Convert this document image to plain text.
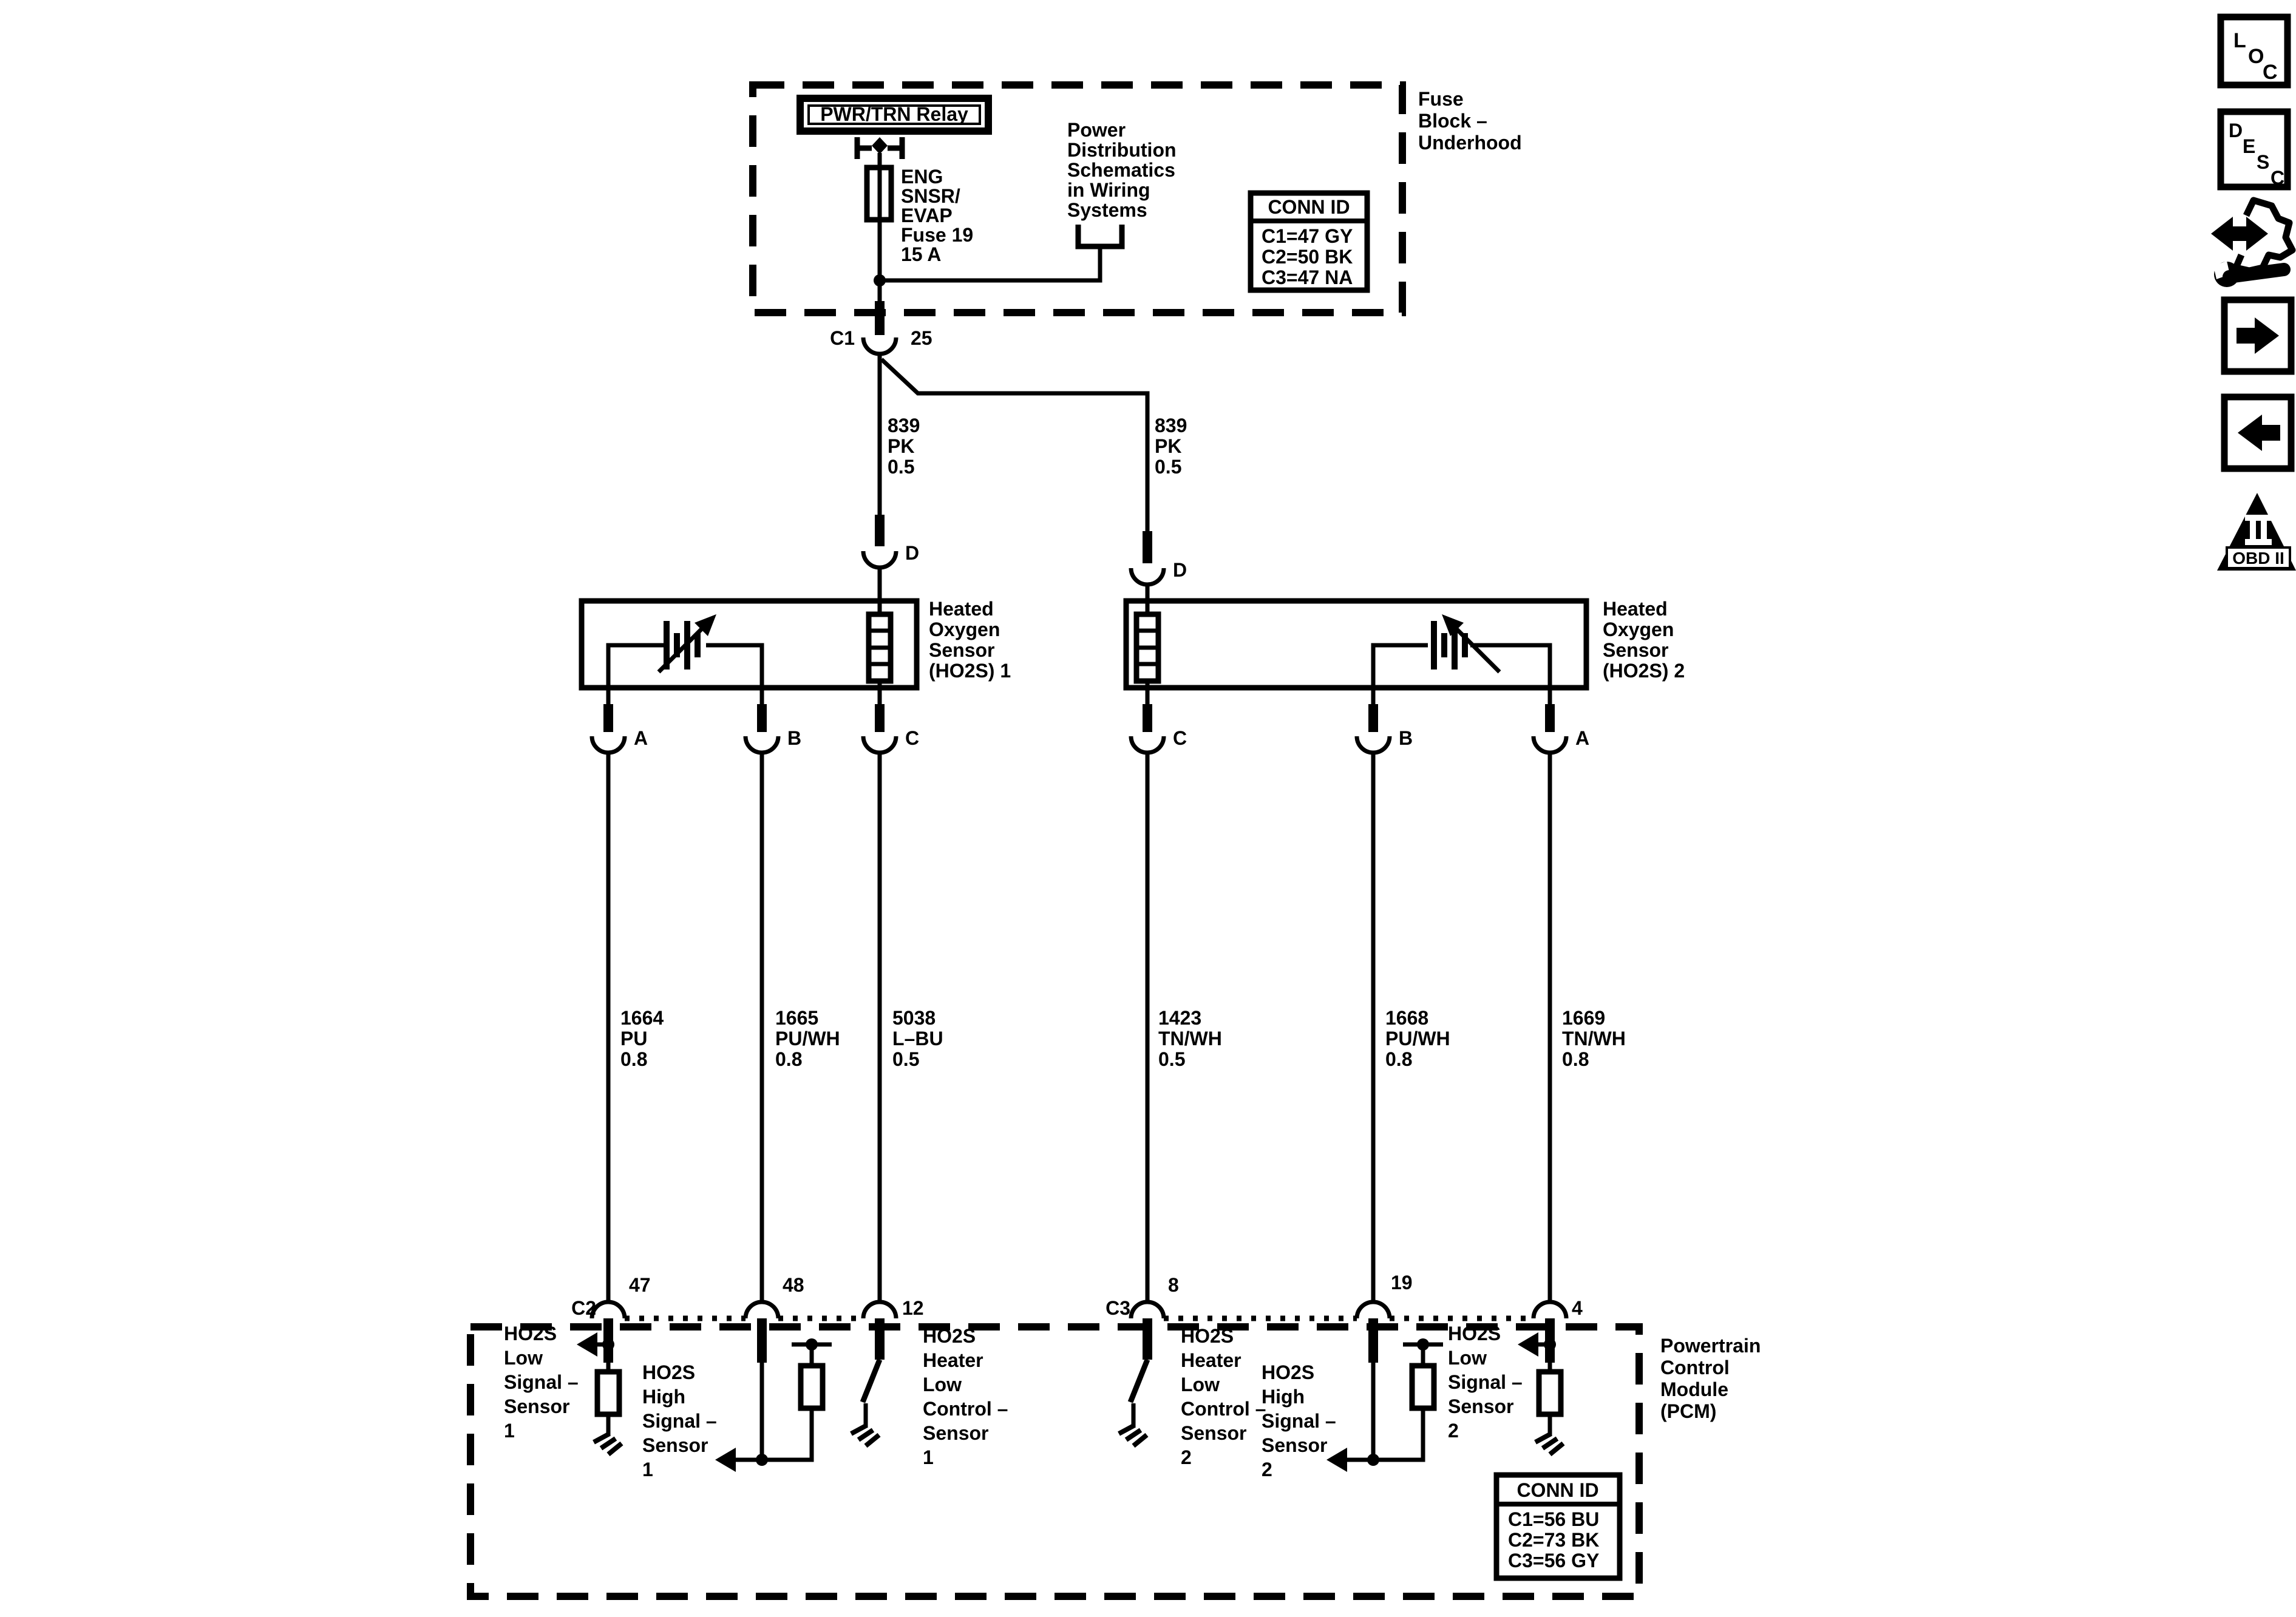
Fuse
Block –
Underhood
PWR/TRN Relay
ENG
SNSR/
EVAP
Fuse 19
15 A
Power
Distribution
Schematics
in Wiring
Systems	CONN ID
C1=47 GY
C2=50 BK
C3=47 NA
C1	25
839
PK
0.5
839
PK
0.5
D
D
Heated
Oxygen
Sensor
(HO2S) 1
A	B	C
Heated
Oxygen
Sensor
(HO2S) 2
C	B	A
1664
PU
0.8
1665
PU/WH
0.8
5038
L–BU
0.5
1423
TN/WH
0.5
1668
PU/WH
0.8
1669
TN/WH
0.8
C2
47	48
12	C3
8	19
4
Powertrain
Control
Module
(PCM)
HO2S
Low
Signal –
Sensor
1
HO2S
High
Signal –
Sensor
1
HO2S
Heater
Low
Control –
Sensor
1
HO2S
Heater
Low
Control –
Sensor
2
HO2S
High
Signal –
Sensor
2
HO2S
Low
Signal –
Sensor
2
CONN ID
C1=56 BU
C2=73 BK
C3=56 GY
L
O
C
D
E
S
C
OBD II
